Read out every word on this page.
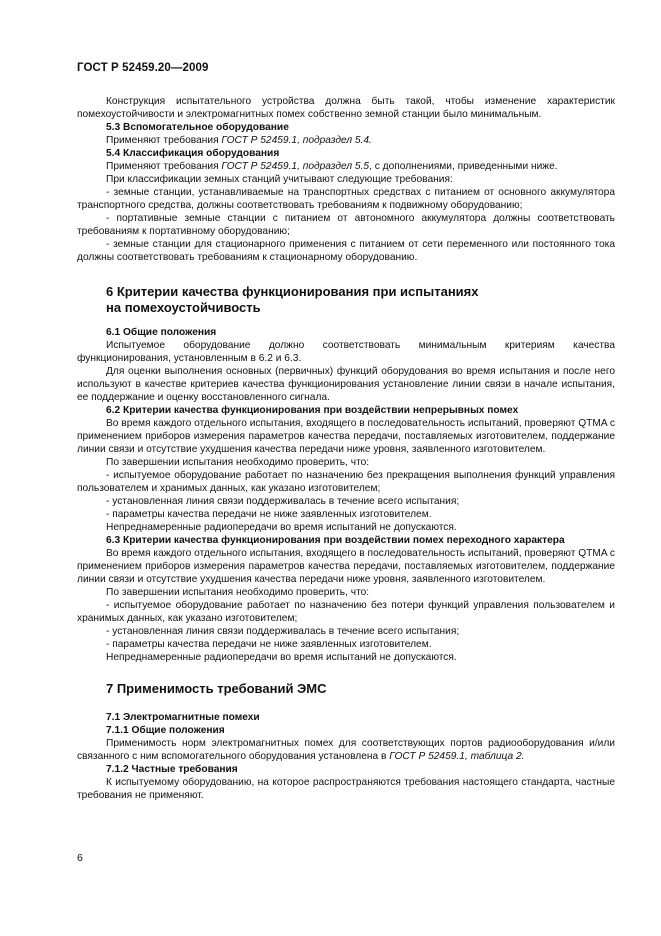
ГОСТ Р 52459.20—2009

Конструкция испытательного устройства должна быть такой, чтобы изменение характеристик помехоустойчивости и электромагнитных помех собственно земной станции было минимальным.

5.3 Вспомогательное оборудование

Применяют требования ГОСТ Р 52459.1, подраздел 5.4.

5.4 Классификация оборудования

Применяют требования ГОСТ Р 52459.1, подраздел 5.5, с дополнениями, приведенными ниже.

При классификации земных станций учитывают следующие требования:

- земные станции, устанавливаемые на транспортных средствах с питанием от основного аккумулятора транспортного средства, должны соответствовать требованиям к подвижному оборудованию;

- портативные земные станции с питанием от автономного аккумулятора должны соответствовать требованиям к портативному оборудованию;

- земные станции для стационарного применения с питанием от сети переменного или постоянного тока должны соответствовать требованиям к стационарному оборудованию.

6 Критерии качества функционирования при испытаниях
на помехоустойчивость

6.1 Общие положения

Испытуемое оборудование должно соответствовать минимальным критериям качества функционирования, установленным в 6.2 и 6.3.

Для оценки выполнения основных (первичных) функций оборудования во время испытания и после него используют в качестве критериев качества функционирования установление линии связи в начале испытания, ее поддержание и оценку восстановленного сигнала.

6.2 Критерии качества функционирования при воздействии непрерывных помех

Во время каждого отдельного испытания, входящего в последовательность испытаний, проверяют QTMA с применением приборов измерения параметров качества передачи, поставляемых изготовителем, поддержание линии связи и отсутствие ухудшения качества передачи ниже уровня, заявленного изготовителем.

По завершении испытания необходимо проверить, что:

- испытуемое оборудование работает по назначению без прекращения выполнения функций управления пользователем и хранимых данных, как указано изготовителем;

- установленная линия связи поддерживалась в течение всего испытания;

- параметры качества передачи не ниже заявленных изготовителем.

Непреднамеренные радиопередачи во время испытаний не допускаются.

6.3 Критерии качества функционирования при воздействии помех переходного характера

Во время каждого отдельного испытания, входящего в последовательность испытаний, проверяют QTMA с применением приборов измерения параметров качества передачи, поставляемых изготовителем, поддержание линии связи и отсутствие ухудшения качества передачи ниже уровня, заявленного изготовителем.

По завершении испытания необходимо проверить, что:

- испытуемое оборудование работает по назначению без потери функций управления пользователем и хранимых данных, как указано изготовителем;

- установленная линия связи поддерживалась в течение всего испытания;

- параметры качества передачи не ниже заявленных изготовителем.

Непреднамеренные радиопередачи во время испытаний не допускаются.

7 Применимость требований ЭМС

7.1 Электромагнитные помехи

7.1.1 Общие положения

Применимость норм электромагнитных помех для соответствующих портов радиооборудования и/или связанного с ним вспомогательного оборудования установлена в ГОСТ Р 52459.1, таблица 2.

7.1.2 Частные требования

К испытуемому оборудованию, на которое распространяются требования настоящего стандарта, частные требования не применяют.

6
